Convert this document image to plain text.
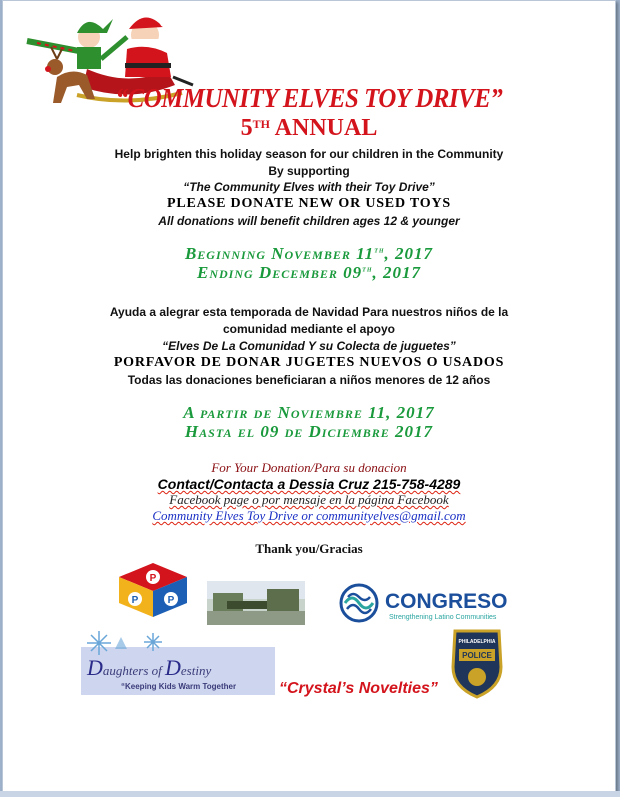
“COMMUNITY ELVES TOY DRIVE”
5TH ANNUAL
Help brighten this holiday season for our children in the Community
By supporting
“The Community Elves with their Toy Drive”
PLEASE DONATE NEW OR USED TOYS
All donations will benefit children ages 12 & younger
Beginning November 11th, 2017
Ending December 09th, 2017
Ayuda a alegrar esta temporada de Navidad Para nuestros niños de la
comunidad mediante el apoyo
“Elves De La Comunidad Y su Colecta de juguetes”
PORFAVOR DE DONAR JUGETES NUEVOS O USADOS
Todas las donaciones beneficiaran a niños menores de 12 años
A partir de Noviembre 11, 2017
Hasta el 09 de Diciembre 2017
For Your Donation/Para su donacion
Contact/Contacta a Dessia Cruz 215-758-4289
Facebook page o por mensaje en la página Facebook
Community Elves Toy Drive or communityelves@gmail.com
Thank you/Gracias
P
P	P	CONGRESO
Strengthening Latino Communities
Daughters of Destiny
“Keeping Kids Warm Together	“Crystal’s Novelties”
PHILADELPHIA
POLICE
